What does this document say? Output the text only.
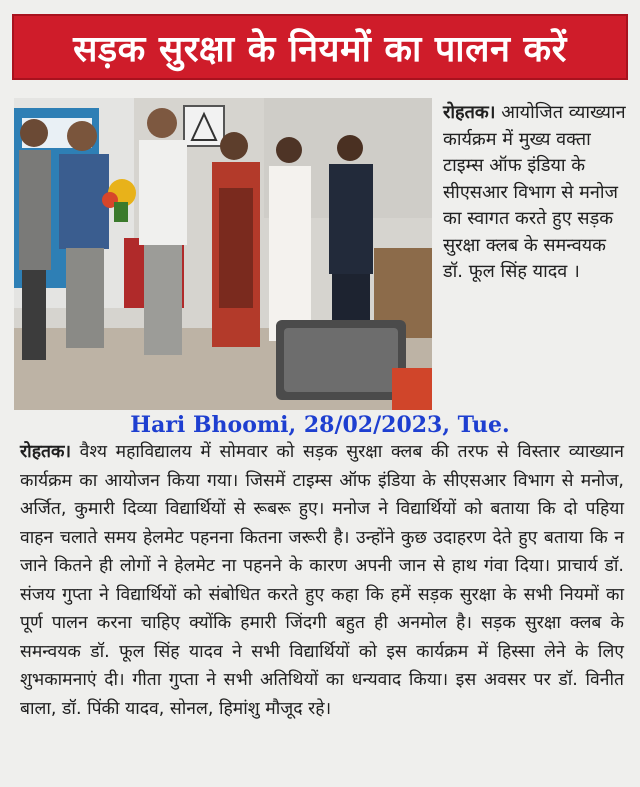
सड़क सुरक्षा के नियमों का पालन करें
रोहतक। आयोजित व्याख्यान कार्यक्रम में मुख्य वक्ता टाइम्स ऑफ इंडिया के सीएसआर विभाग से मनोज का स्वागत करते हुए सड़क सुरक्षा क्लब के समन्वयक डॉ. फूल सिंह यादव ।
Hari Bhoomi, 28/02/2023, Tue.
रोहतक। वैश्य महाविद्यालय में सोमवार को सड़क सुरक्षा क्लब की तरफ से विस्तार व्याख्यान कार्यक्रम का आयोजन किया गया। जिसमें टाइम्स ऑफ इंडिया के सीएसआर विभाग से मनोज, अर्जित, कुमारी दिव्या विद्यार्थियों से रूबरू हुए। मनोज ने विद्यार्थियों को बताया कि दो पहिया वाहन चलाते समय हेलमेट पहनना कितना जरूरी है। उन्होंने कुछ उदाहरण देते हुए बताया कि न जाने कितने ही लोगों ने हेलमेट ना पहनने के कारण अपनी जान से हाथ गंवा दिया। प्राचार्य डॉ. संजय गुप्ता ने विद्यार्थियों को संबोधित करते हुए कहा कि हमें सड़क सुरक्षा के सभी नियमों का पूर्ण पालन करना चाहिए क्योंकि हमारी जिंदगी बहुत ही अनमोल है। सड़क सुरक्षा क्लब के समन्वयक डॉ. फूल सिंह यादव ने सभी विद्यार्थियों को इस कार्यक्रम में हिस्सा लेने के लिए शुभकामनाएं दी। गीता गुप्ता ने सभी अतिथियों का धन्यवाद किया। इस अवसर पर डॉ. विनीत बाला, डॉ. पिंकी यादव, सोनल, हिमांशु मौजूद रहे।
